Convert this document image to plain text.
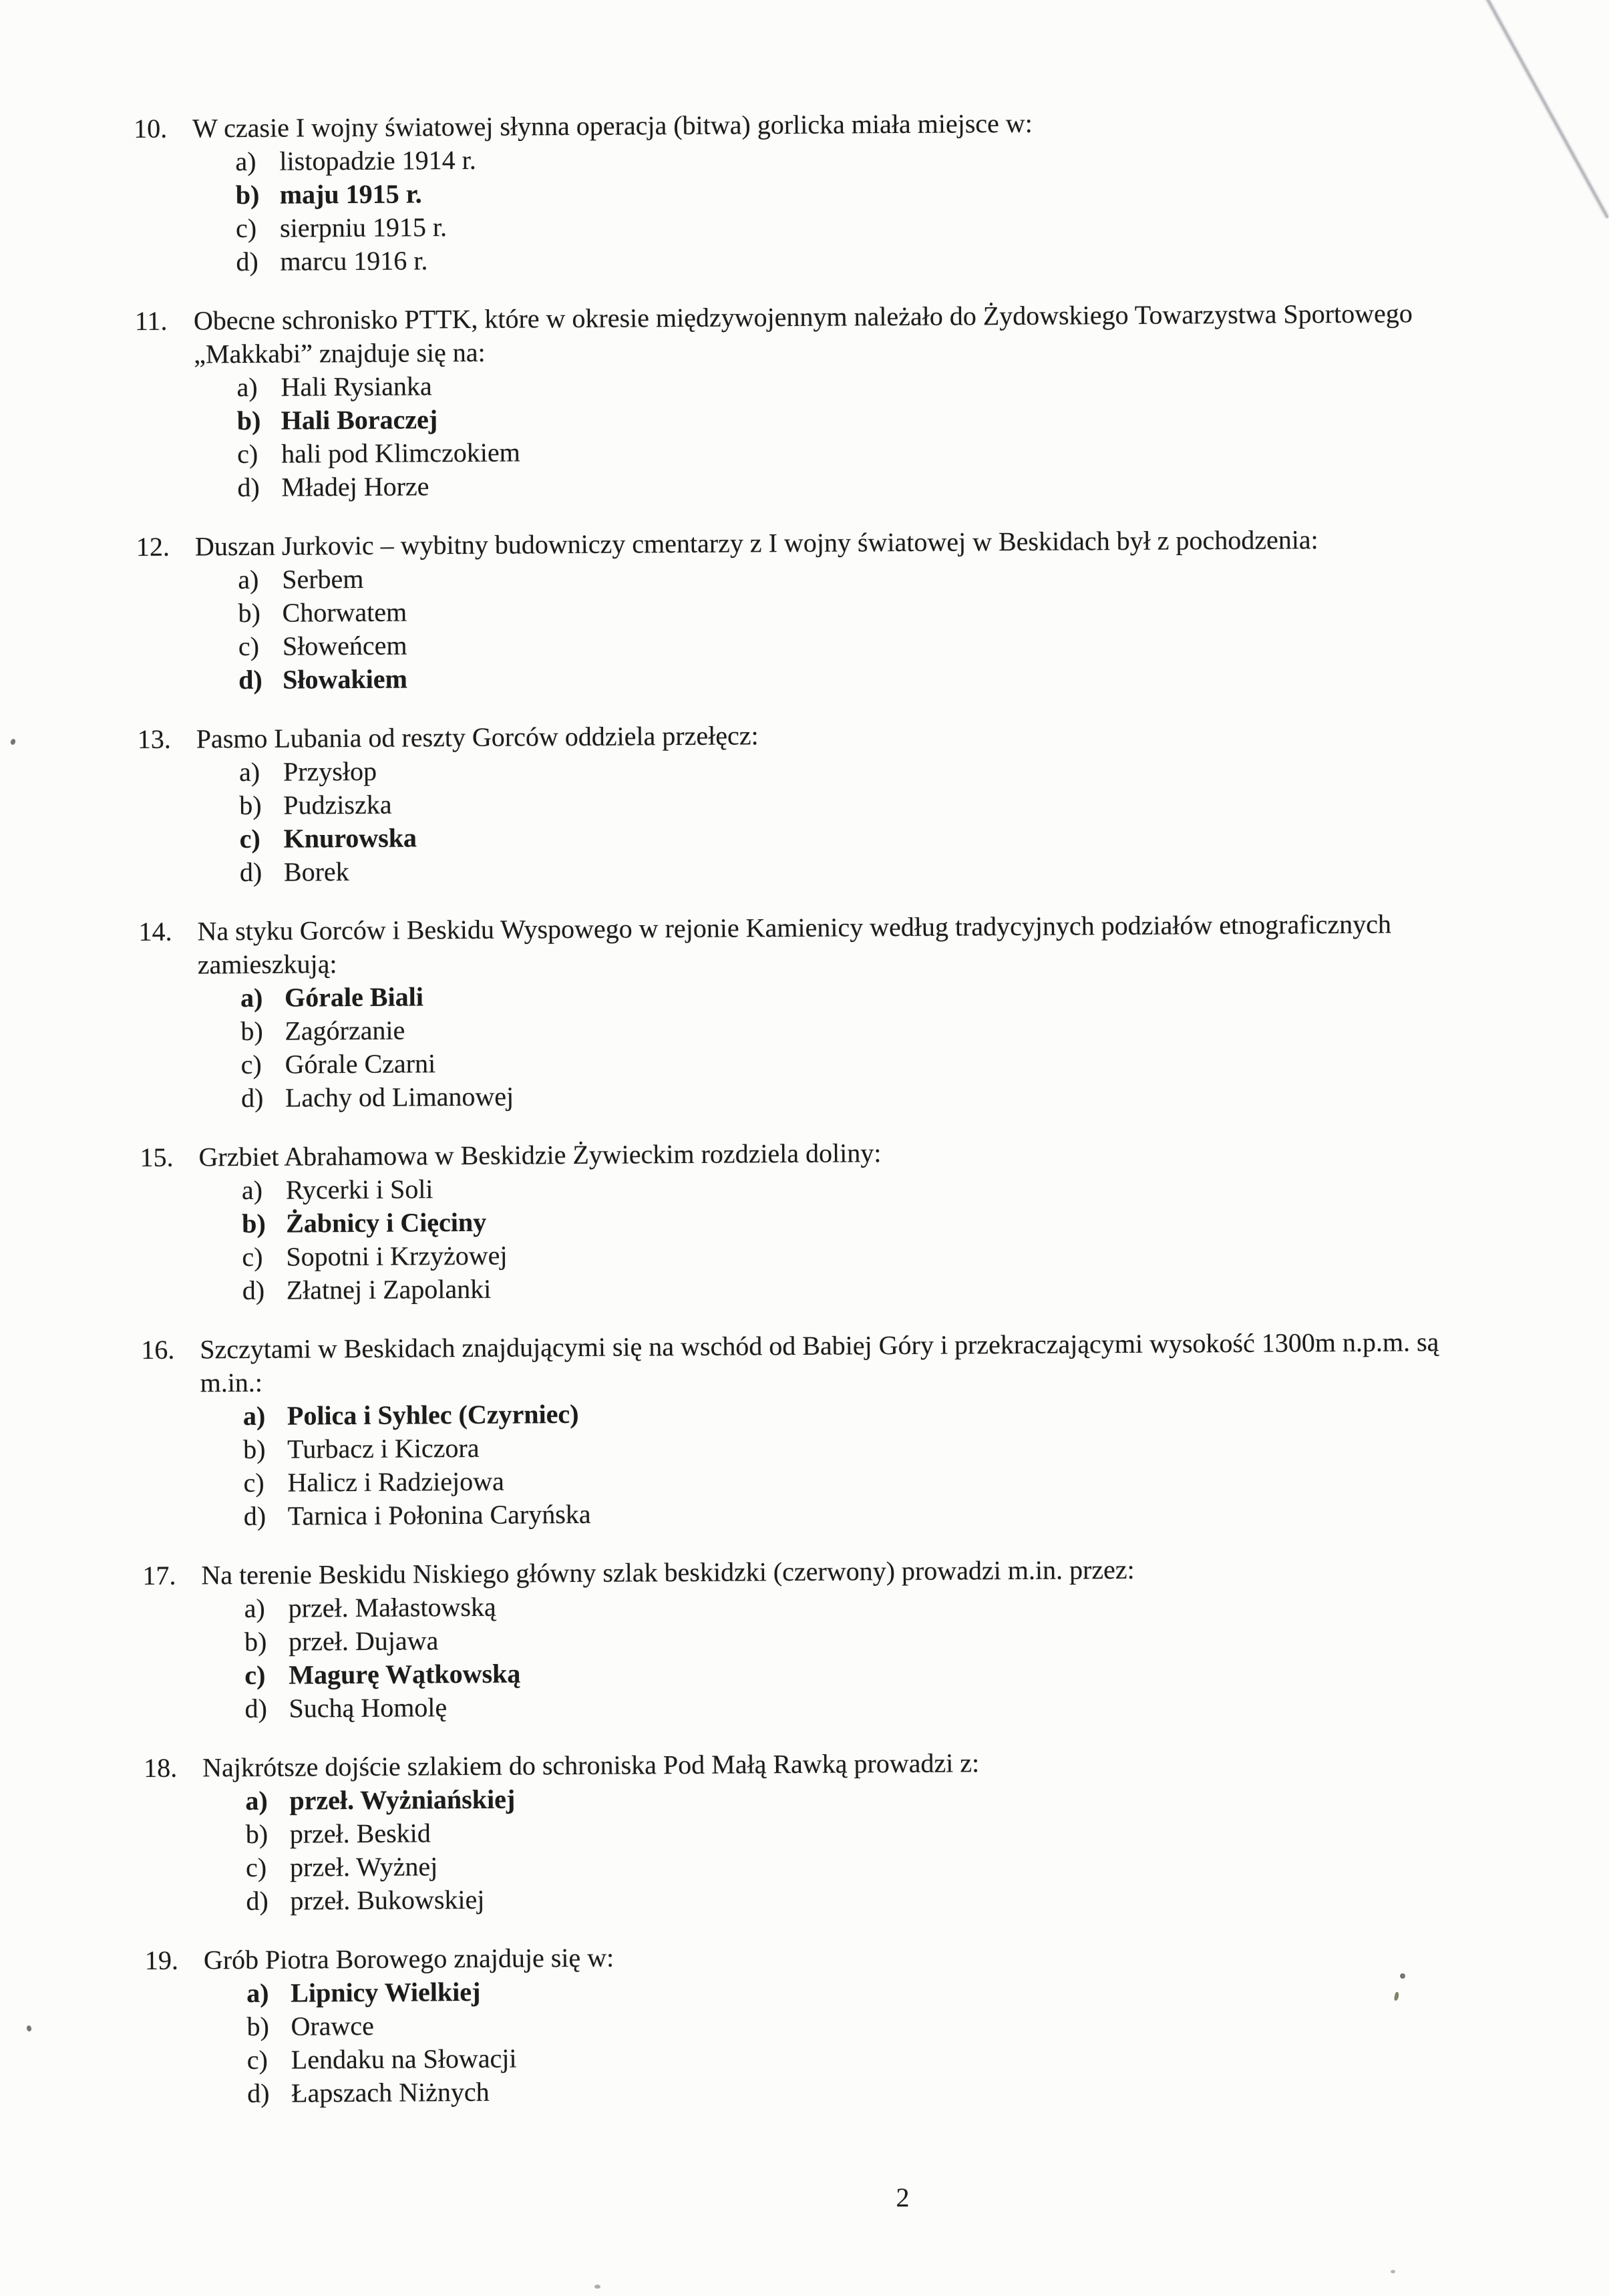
10. W czasie I wojny światowej słynna operacja (bitwa) gorlicka miała miejsce w:
a) listopadzie 1914 r.
b) maju 1915 r.
c) sierpniu 1915 r.
d) marcu 1916 r.
11. Obecne schronisko PTTK, które w okresie międzywojennym należało do Żydowskiego Towarzystwa Sportowego
„Makkabi” znajduje się na:
a) Hali Rysianka
b) Hali Boraczej
c) hali pod Klimczokiem
d) Mładej Horze
12. Duszan Jurkovic – wybitny budowniczy cmentarzy z I wojny światowej w Beskidach był z pochodzenia:
a) Serbem
b) Chorwatem
c) Słoweńcem
d) Słowakiem
13. Pasmo Lubania od reszty Gorców oddziela przełęcz:
a) Przysłop
b) Pudziszka
c) Knurowska
d) Borek
14. Na styku Gorców i Beskidu Wyspowego w rejonie Kamienicy według tradycyjnych podziałów etnograficznych
zamieszkują:
a) Górale Biali
b) Zagórzanie
c) Górale Czarni
d) Lachy od Limanowej
15. Grzbiet Abrahamowa w Beskidzie Żywieckim rozdziela doliny:
a) Rycerki i Soli
b) Żabnicy i Cięciny
c) Sopotni i Krzyżowej
d) Złatnej i Zapolanki
16. Szczytami w Beskidach znajdującymi się na wschód od Babiej Góry i przekraczającymi wysokość 1300m n.p.m. są
m.in.:
a) Polica i Syhlec (Czyrniec)
b) Turbacz i Kiczora
c) Halicz i Radziejowa
d) Tarnica i Połonina Caryńska
17. Na terenie Beskidu Niskiego główny szlak beskidzki (czerwony) prowadzi m.in. przez:
a) przeł. Małastowską
b) przeł. Dujawa
c) Magurę Wątkowską
d) Suchą Homolę
18. Najkrótsze dojście szlakiem do schroniska Pod Małą Rawką prowadzi z:
a) przeł. Wyżniańskiej
b) przeł. Beskid
c) przeł. Wyżnej
d) przeł. Bukowskiej
19. Grób Piotra Borowego znajduje się w:
a) Lipnicy Wielkiej
b) Orawce
c) Lendaku na Słowacji
d) Łapszach Niżnych
2
